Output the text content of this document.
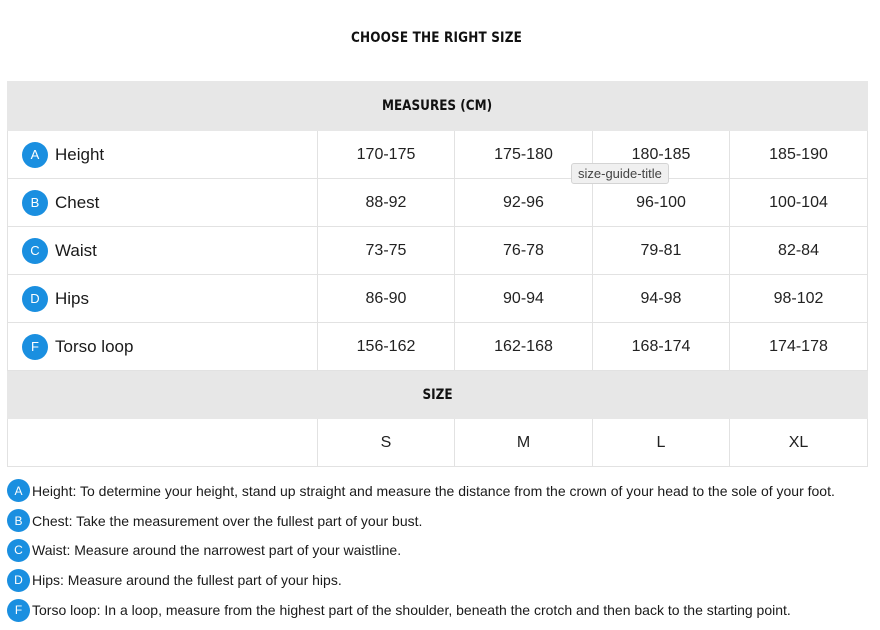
CHOOSE THE RIGHT SIZE
MEASURES (CM)				

A Height	170-175	175-180	180-185	185-190

B Chest	88-92	92-96	96-100	100-104

C Waist	73-75	76-78	79-81	82-84

D Hips	86-90	90-94	94-98	98-102

F Torso loop	156-162	162-168	168-174	174-178
SIZE				
	S	M	L	XL
size-guide-title
A Height: To determine your height, stand up straight and measure the distance from the crown of your head to the sole of your foot.
B Chest: Take the measurement over the fullest part of your bust.
C Waist: Measure around the narrowest part of your waistline.
D Hips: Measure around the fullest part of your hips.
F Torso loop: In a loop, measure from the highest part of the shoulder, beneath the crotch and then back to the starting point.
